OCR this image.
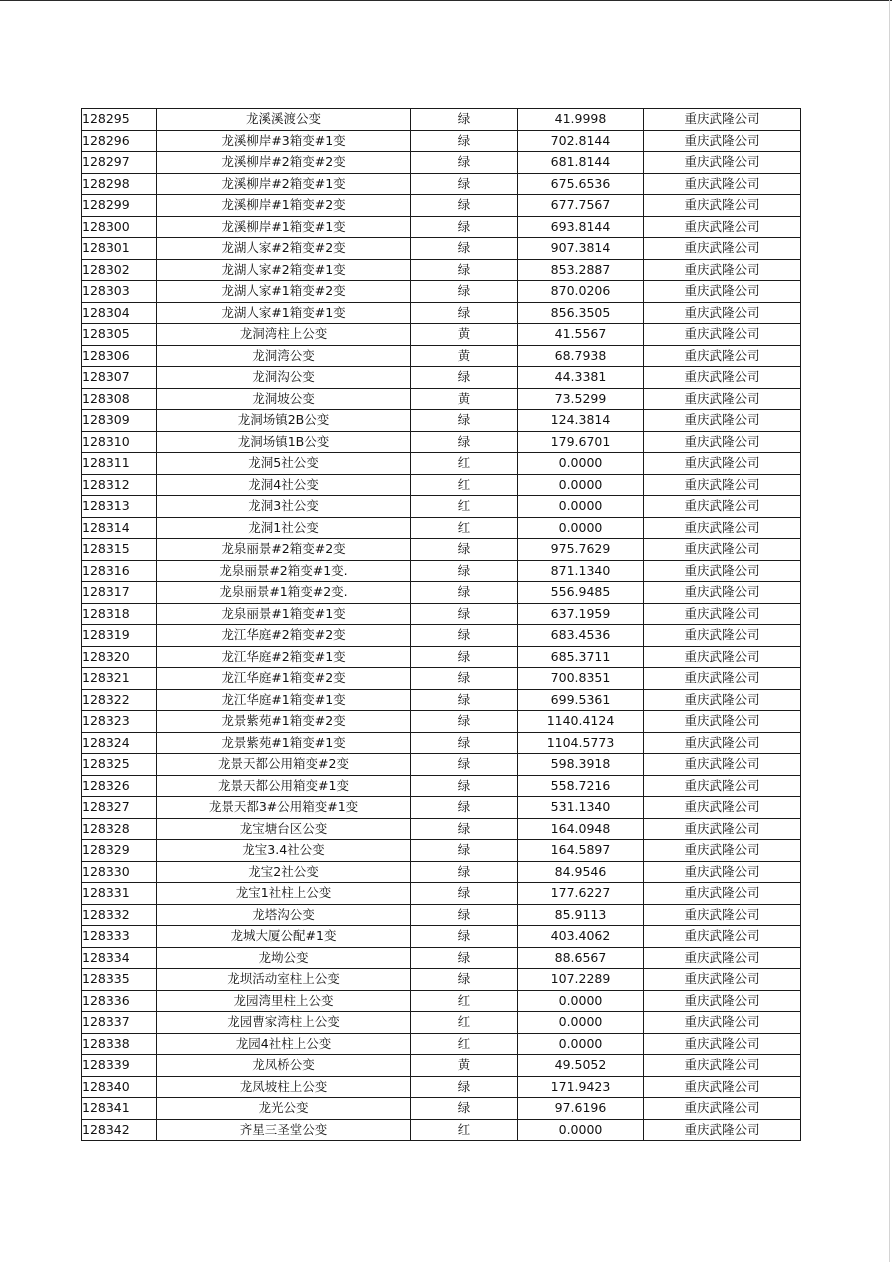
128295	龙溪溪渡公变	绿	41.9998	重庆武隆公司
128296	龙溪柳岸#3箱变#1变	绿	702.8144	重庆武隆公司
128297	龙溪柳岸#2箱变#2变	绿	681.8144	重庆武隆公司
128298	龙溪柳岸#2箱变#1变	绿	675.6536	重庆武隆公司
128299	龙溪柳岸#1箱变#2变	绿	677.7567	重庆武隆公司
128300	龙溪柳岸#1箱变#1变	绿	693.8144	重庆武隆公司
128301	龙湖人家#2箱变#2变	绿	907.3814	重庆武隆公司
128302	龙湖人家#2箱变#1变	绿	853.2887	重庆武隆公司
128303	龙湖人家#1箱变#2变	绿	870.0206	重庆武隆公司
128304	龙湖人家#1箱变#1变	绿	856.3505	重庆武隆公司
128305	龙洞湾柱上公变	黄	41.5567	重庆武隆公司
128306	龙洞湾公变	黄	68.7938	重庆武隆公司
128307	龙洞沟公变	绿	44.3381	重庆武隆公司
128308	龙洞坡公变	黄	73.5299	重庆武隆公司
128309	龙洞场镇2B公变	绿	124.3814	重庆武隆公司
128310	龙洞场镇1B公变	绿	179.6701	重庆武隆公司
128311	龙洞5社公变	红	0.0000	重庆武隆公司
128312	龙洞4社公变	红	0.0000	重庆武隆公司
128313	龙洞3社公变	红	0.0000	重庆武隆公司
128314	龙洞1社公变	红	0.0000	重庆武隆公司
128315	龙泉丽景#2箱变#2变	绿	975.7629	重庆武隆公司
128316	龙泉丽景#2箱变#1变.	绿	871.1340	重庆武隆公司
128317	龙泉丽景#1箱变#2变.	绿	556.9485	重庆武隆公司
128318	龙泉丽景#1箱变#1变	绿	637.1959	重庆武隆公司
128319	龙江华庭#2箱变#2变	绿	683.4536	重庆武隆公司
128320	龙江华庭#2箱变#1变	绿	685.3711	重庆武隆公司
128321	龙江华庭#1箱变#2变	绿	700.8351	重庆武隆公司
128322	龙江华庭#1箱变#1变	绿	699.5361	重庆武隆公司
128323	龙景紫苑#1箱变#2变	绿	1140.4124	重庆武隆公司
128324	龙景紫苑#1箱变#1变	绿	1104.5773	重庆武隆公司
128325	龙景天都公用箱变#2变	绿	598.3918	重庆武隆公司
128326	龙景天都公用箱变#1变	绿	558.7216	重庆武隆公司
128327	龙景天都3#公用箱变#1变	绿	531.1340	重庆武隆公司
128328	龙宝塘台区公变	绿	164.0948	重庆武隆公司
128329	龙宝3.4社公变	绿	164.5897	重庆武隆公司
128330	龙宝2社公变	绿	84.9546	重庆武隆公司
128331	龙宝1社柱上公变	绿	177.6227	重庆武隆公司
128332	龙塔沟公变	绿	85.9113	重庆武隆公司
128333	龙城大厦公配#1变	绿	403.4062	重庆武隆公司
128334	龙坳公变	绿	88.6567	重庆武隆公司
128335	龙坝活动室柱上公变	绿	107.2289	重庆武隆公司
128336	龙园湾里柱上公变	红	0.0000	重庆武隆公司
128337	龙园曹家湾柱上公变	红	0.0000	重庆武隆公司
128338	龙园4社柱上公变	红	0.0000	重庆武隆公司
128339	龙凤桥公变	黄	49.5052	重庆武隆公司
128340	龙凤坡柱上公变	绿	171.9423	重庆武隆公司
128341	龙光公变	绿	97.6196	重庆武隆公司
128342	齐星三圣堂公变	红	0.0000	重庆武隆公司
